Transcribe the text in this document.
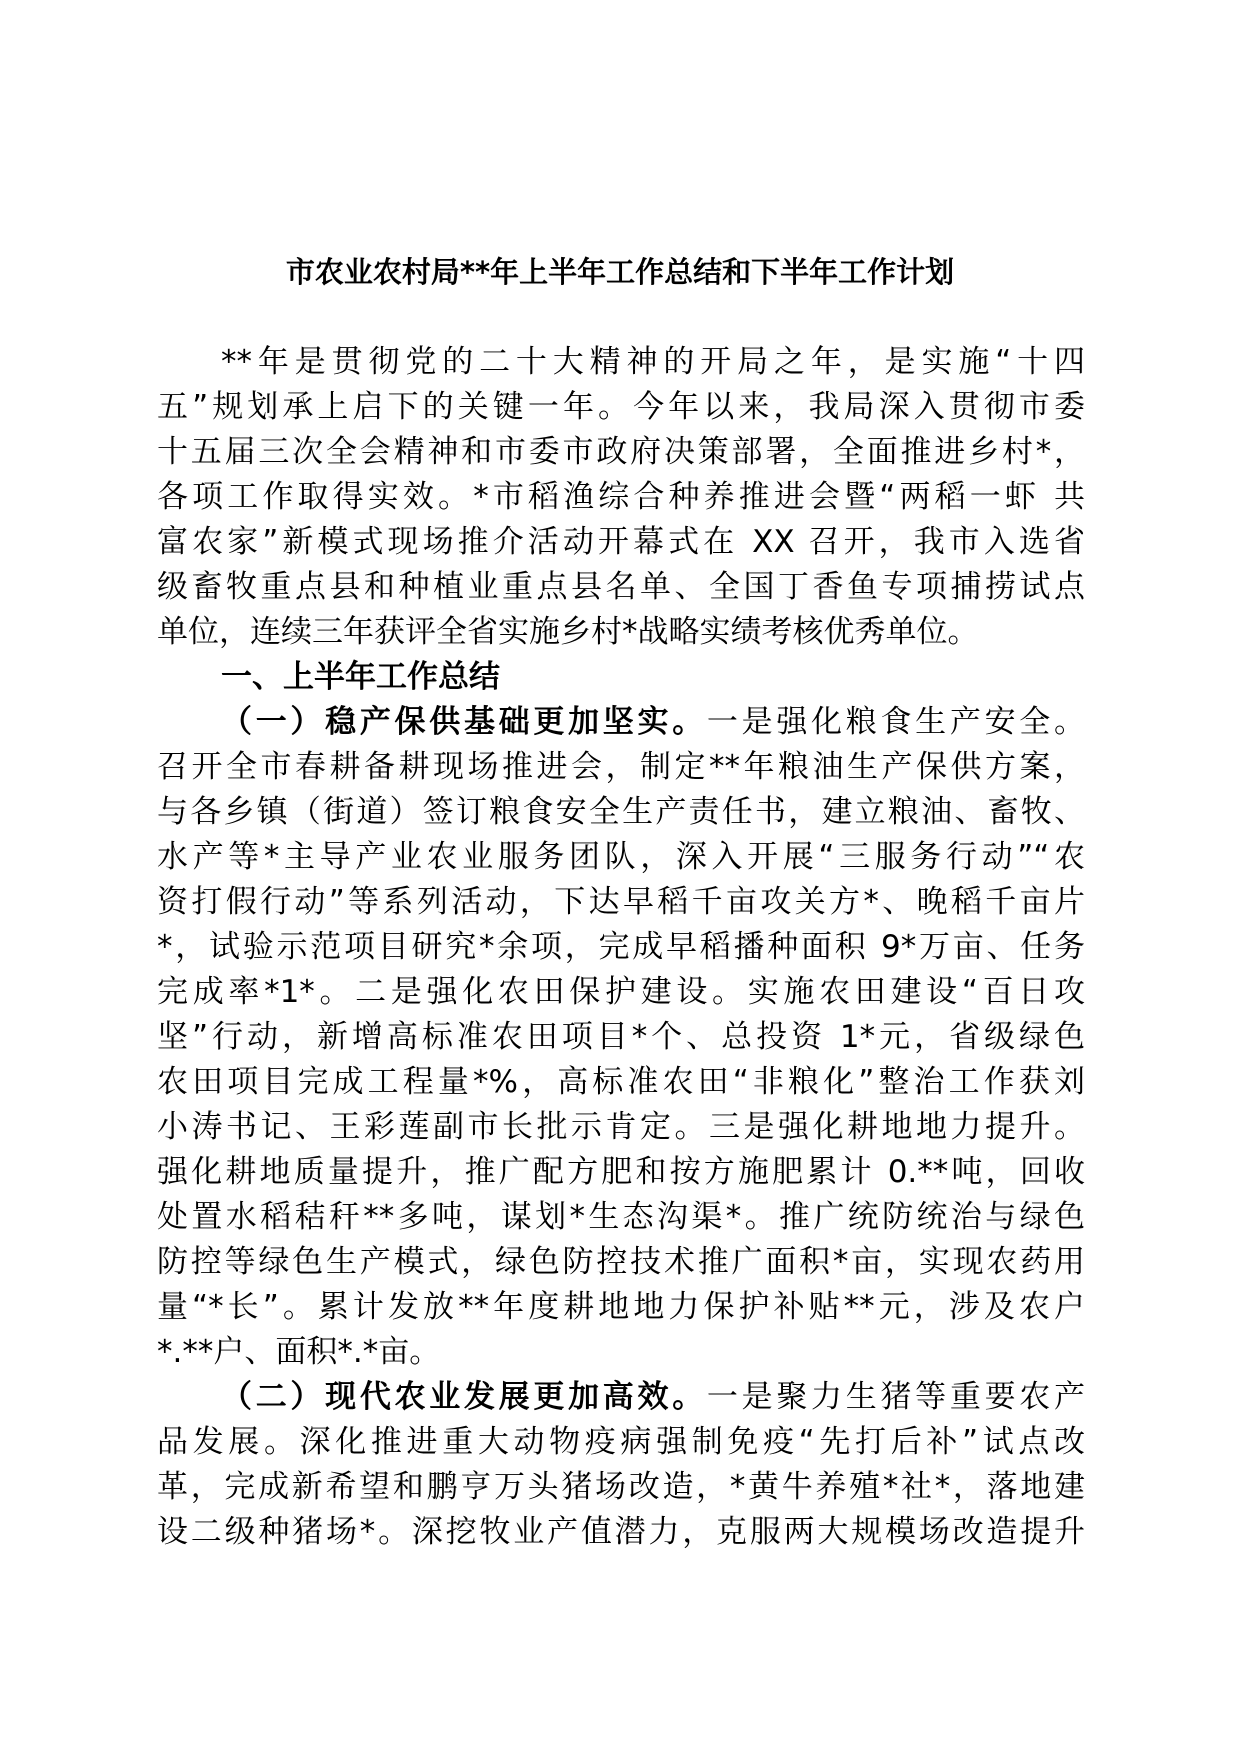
市农业农村局**年上半年工作总结和下半年工作计划
**年是贯彻党的二十大精神的开局之年，是实施“十四
五”规划承上启下的关键一年。今年以来，我局深入贯彻市委
十五届三次全会精神和市委市政府决策部署，全面推进乡村*，
各项工作取得实效。*市稻渔综合种养推进会暨“两稻一虾 共
富农家”新模式现场推介活动开幕式在 XX 召开，我市入选省
级畜牧重点县和种植业重点县名单、全国丁香鱼专项捕捞试点
单位，连续三年获评全省实施乡村*战略实绩考核优秀单位。
一、上半年工作总结
（一）稳产保供基础更加坚实。一是强化粮食生产安全。
召开全市春耕备耕现场推进会，制定**年粮油生产保供方案，
与各乡镇（街道）签订粮食安全生产责任书，建立粮油、畜牧、
水产等*主导产业农业服务团队，深入开展“三服务行动”“农
资打假行动”等系列活动，下达早稻千亩攻关方*、晚稻千亩片
*，试验示范项目研究*余项，完成早稻播种面积 9*万亩、任务
完成率*1*。二是强化农田保护建设。实施农田建设“百日攻
坚”行动，新增高标准农田项目*个、总投资 1*元，省级绿色
农田项目完成工程量*%，高标准农田“非粮化”整治工作获刘
小涛书记、王彩莲副市长批示肯定。三是强化耕地地力提升。
强化耕地质量提升，推广配方肥和按方施肥累计 0.**吨，回收
处置水稻秸秆**多吨，谋划*生态沟渠*。推广统防统治与绿色
防控等绿色生产模式，绿色防控技术推广面积*亩，实现农药用
量“*长”。累计发放**年度耕地地力保护补贴**元，涉及农户
*.**户、面积*.*亩。
（二）现代农业发展更加高效。一是聚力生猪等重要农产
品发展。深化推进重大动物疫病强制免疫“先打后补”试点改
革，完成新希望和鹏亨万头猪场改造，*黄牛养殖*社*，落地建
设二级种猪场*。深挖牧业产值潜力，克服两大规模场改造提升
